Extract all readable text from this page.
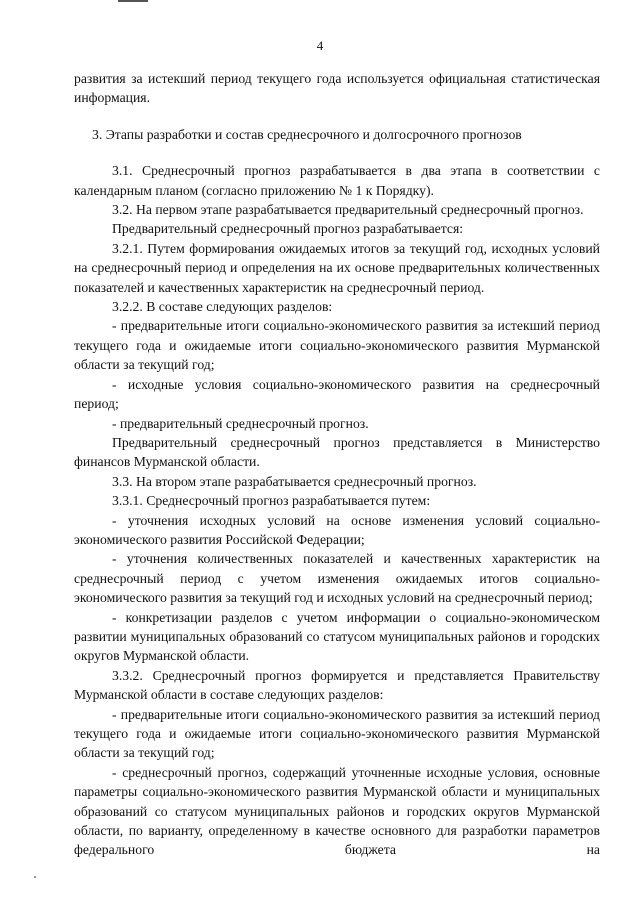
4

развития за истекший период текущего года используется официальная статистическая информация.

3. Этапы разработки и состав среднесрочного и долгосрочного прогнозов

3.1. Среднесрочный прогноз разрабатывается в два этапа в соответствии с календарным планом (согласно приложению № 1 к Порядку).

3.2. На первом этапе разрабатывается предварительный среднесрочный прогноз.

Предварительный среднесрочный прогноз разрабатывается:

3.2.1. Путем формирования ожидаемых итогов за текущий год, исходных условий на среднесрочный период и определения на их основе предварительных количественных показателей и качественных характеристик на среднесрочный период.

3.2.2. В составе следующих разделов:

- предварительные итоги социально-экономического развития за истекший период текущего года и ожидаемые итоги социально-экономического развития Мурманской области за текущий год;

- исходные условия социально-экономического развития на среднесрочный период;

- предварительный среднесрочный прогноз.

Предварительный среднесрочный прогноз представляется в Министерство финансов Мурманской области.

3.3. На втором этапе разрабатывается среднесрочный прогноз.

3.3.1. Среднесрочный прогноз разрабатывается путем:

- уточнения исходных условий на основе изменения условий социально-экономического развития Российской Федерации;

- уточнения количественных показателей и качественных характеристик на среднесрочный период с учетом изменения ожидаемых итогов социально-экономического развития за текущий год и исходных условий на среднесрочный период;

- конкретизации разделов с учетом информации о социально-экономическом развитии муниципальных образований со статусом муниципальных районов и городских округов Мурманской области.

3.3.2. Среднесрочный прогноз формируется и представляется Правительству Мурманской области в составе следующих разделов:

- предварительные итоги социально-экономического развития за истекший период текущего года и ожидаемые итоги социально-экономического развития Мурманской области за текущий год;

- среднесрочный прогноз, содержащий уточненные исходные условия, основные параметры социально-экономического развития Мурманской области и муниципальных образований со статусом муниципальных районов и городских округов Мурманской области, по варианту, определенному в качестве основного для разработки параметров федерального бюджета на
